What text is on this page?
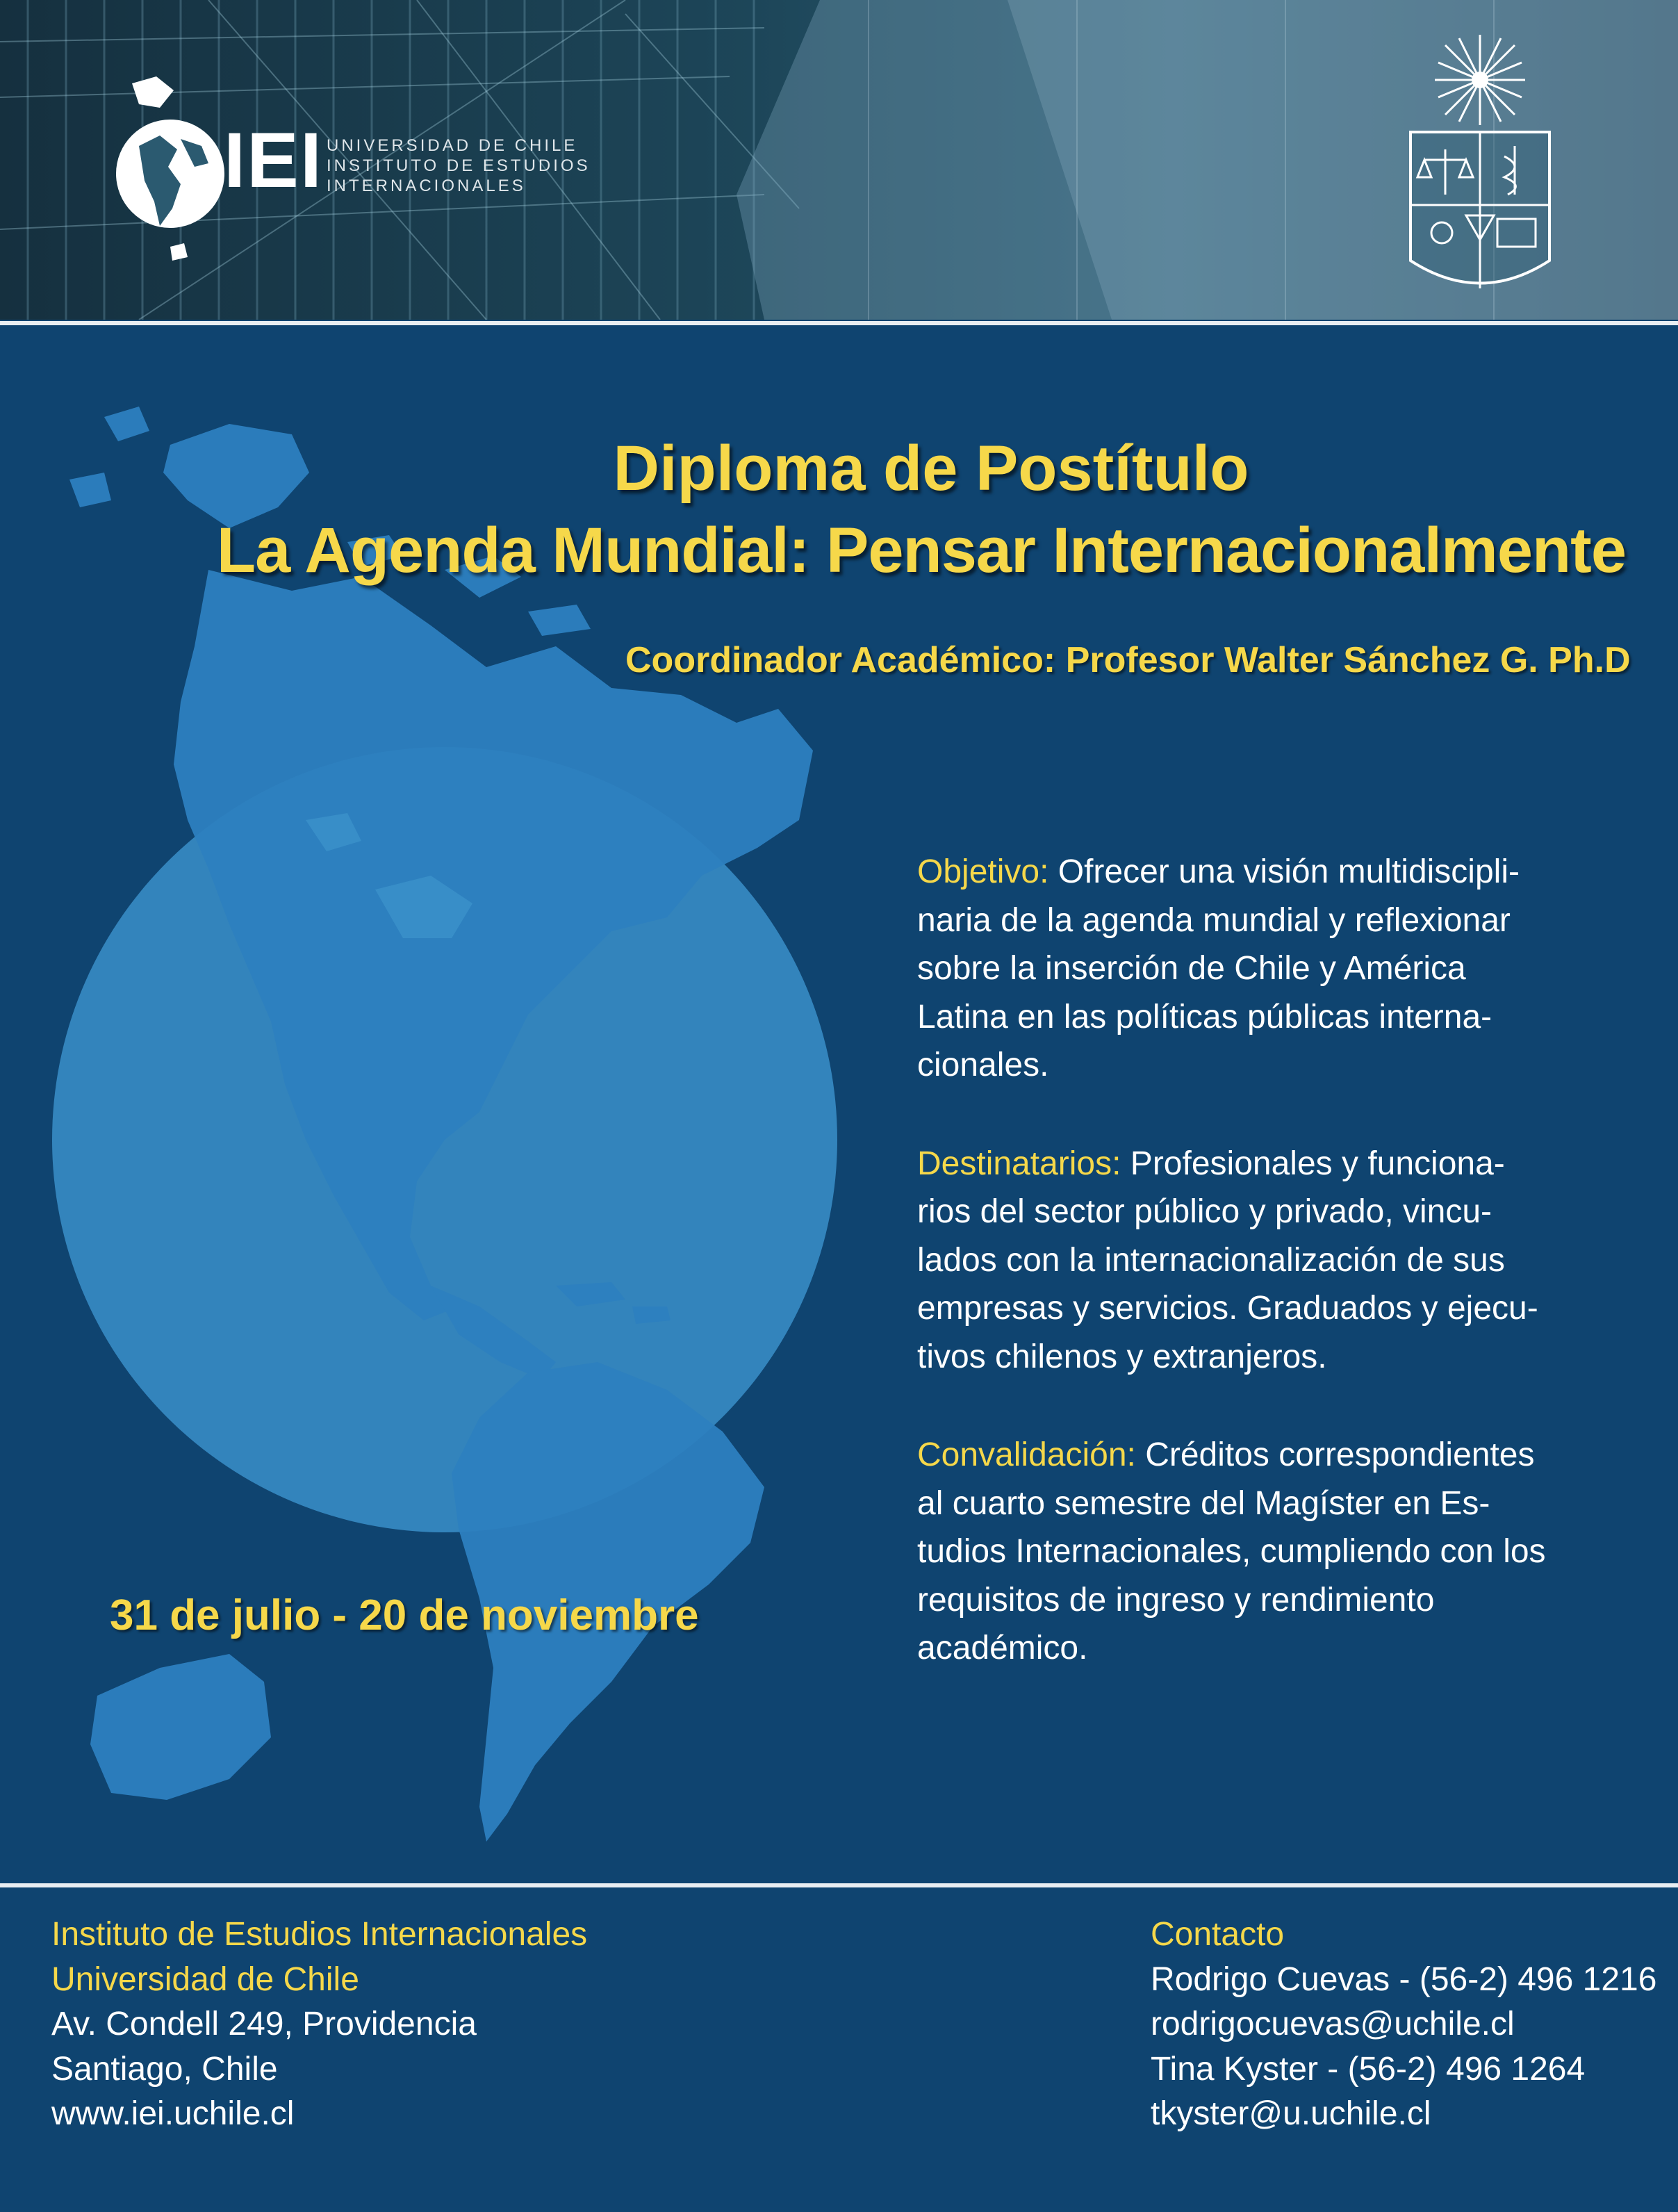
IEI UNIVERSIDAD DE CHILE
INSTITUTO DE ESTUDIOS
INTERNACIONALES
Diploma de Postítulo
La Agenda Mundial: Pensar Internacionalmente
Coordinador Académico: Profesor Walter Sánchez G. Ph.D

Objetivo: Ofrecer una visión multidiscipli-naria de la agenda mundial y reflexionar sobre la inserción de Chile y América Latina en las políticas públicas interna-cionales.

Destinatarios: Profesionales y funciona-rios del sector público y privado, vincu-lados con la internacionalización de sus empresas y servicios. Graduados y ejecu-tivos chilenos y extranjeros.

Convalidación: Créditos correspondientes al cuarto semestre del Magíster en Es-tudios Internacionales, cumpliendo con los requisitos de ingreso y rendimiento académico.

31 de julio - 20 de noviembre
Instituto de Estudios Internacionales
Universidad de Chile
Av. Condell 249, Providencia
Santiago, Chile
www.iei.uchile.cl
Contacto
Rodrigo Cuevas - (56-2) 496 1216
rodrigocuevas@uchile.cl
Tina Kyster - (56-2) 496 1264
tkyster@u.uchile.cl
